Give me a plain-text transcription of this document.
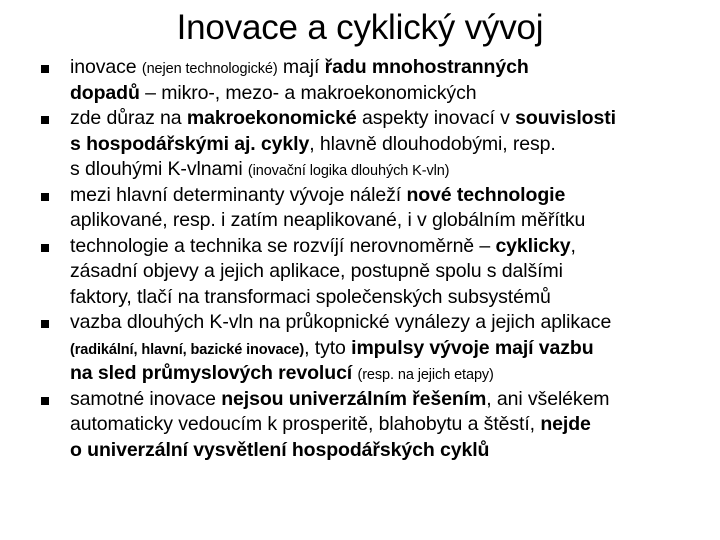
Inovace a cyklický vývoj
inovace (nejen technologické) mají řadu mnohostranných
dopadů – mikro-, mezo- a makroekonomických
zde důraz na makroekonomické aspekty inovací v souvislosti
s hospodářskými aj. cykly, hlavně dlouhodobými, resp.
s dlouhými K-vlnami (inovační logika dlouhých K-vln)
mezi hlavní determinanty vývoje náleží nové technologie
aplikované, resp. i zatím neaplikované, i v globálním měřítku
technologie a technika se rozvíjí nerovnoměrně – cyklicky,
zásadní objevy a jejich aplikace, postupně spolu s dalšími
faktory, tlačí na transformaci společenských subsystémů
vazba dlouhých K-vln na průkopnické vynálezy a jejich aplikace
(radikální, hlavní, bazické inovace), tyto impulsy vývoje mají vazbu
na sled průmyslových revolucí (resp. na jejich etapy)
samotné inovace nejsou univerzálním řešením, ani všelékem
automaticky vedoucím k prosperitě, blahobytu a štěstí, nejde
o univerzální vysvětlení hospodářských cyklů
